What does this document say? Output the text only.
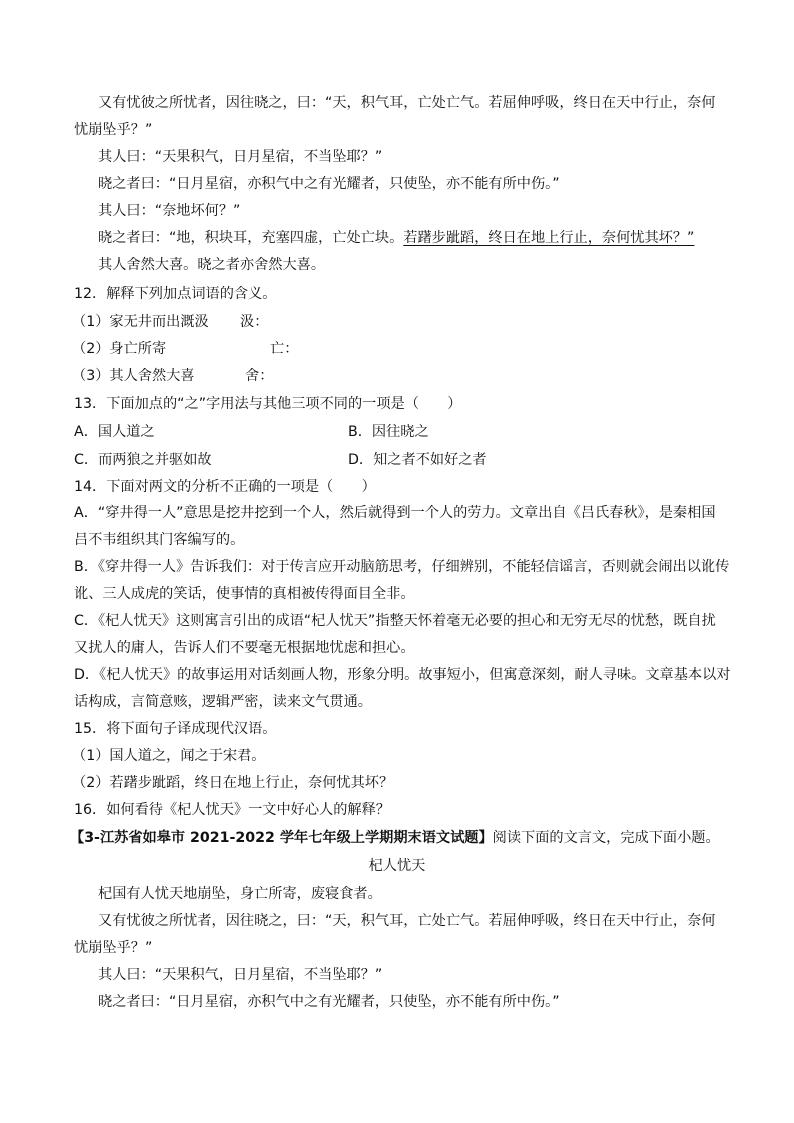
又有忧彼之所忧者，因往晓之，曰：“天，积气耳，亡处亡气。若屈伸呼吸，终日在天中行止，奈何
忧崩坠乎？”
其人曰：“天果积气，日月星宿，不当坠耶？”
晓之者曰：“日月星宿，亦积气中之有光耀者，只使坠，亦不能有所中伤。”
其人曰：“奈地坏何？”
晓之者曰：“地，积块耳，充塞四虚，亡处亡块。若躇步跐蹈，终日在地上行止，奈何忧其坏？”
其人舍然大喜。晓之者亦舍然大喜。
12．解释下列加点词语的含义。
（1）家无井而出溉汲 汲：
（2）身亡所寄	亡：
（3）其人舍然大喜	舍：
13．下面加点的“之”字用法与其他三项不同的一项是（　　）
A．国人道之	B．因往晓之
C．而两狼之并驱如故	D．知之者不如好之者
14．下面对两文的分析不正确的一项是（　　）
A．“穿井得一人”意思是挖井挖到一个人，然后就得到一个人的劳力。文章出自《吕氏春秋》，是秦相国
吕不韦组织其门客编写的。
B．《穿井得一人》告诉我们：对于传言应开动脑筋思考，仔细辨别，不能轻信谣言，否则就会闹出以讹传
讹、三人成虎的笑话，使事情的真相被传得面目全非。
C．《杞人忧天》这则寓言引出的成语“杞人忧天”指整天怀着毫无必要的担心和无穷无尽的忧愁，既自扰
又扰人的庸人，告诉人们不要毫无根据地忧虑和担心。
D．《杞人忧天》的故事运用对话刻画人物，形象分明。故事短小，但寓意深刻，耐人寻味。文章基本以对
话构成，言简意赅，逻辑严密，读来文气贯通。
15．将下面句子译成现代汉语。
（1）国人道之，闻之于宋君。
（2）若躇步跐蹈，终日在地上行止，奈何忧其坏？
16．如何看待《杞人忧天》一文中好心人的解释？
【3-江苏省如皋市 2021-2022 学年七年级上学期期末语文试题】阅读下面的文言文，完成下面小题。
杞人忧天
杞国有人忧天地崩坠，身亡所寄，废寝食者。
又有忧彼之所忧者，因往晓之，曰：“天，积气耳，亡处亡气。若屈伸呼吸，终日在天中行止，奈何
忧崩坠乎？”
其人曰：“天果积气，日月星宿，不当坠耶？”
晓之者曰：“日月星宿，亦积气中之有光耀者，只使坠，亦不能有所中伤。”
